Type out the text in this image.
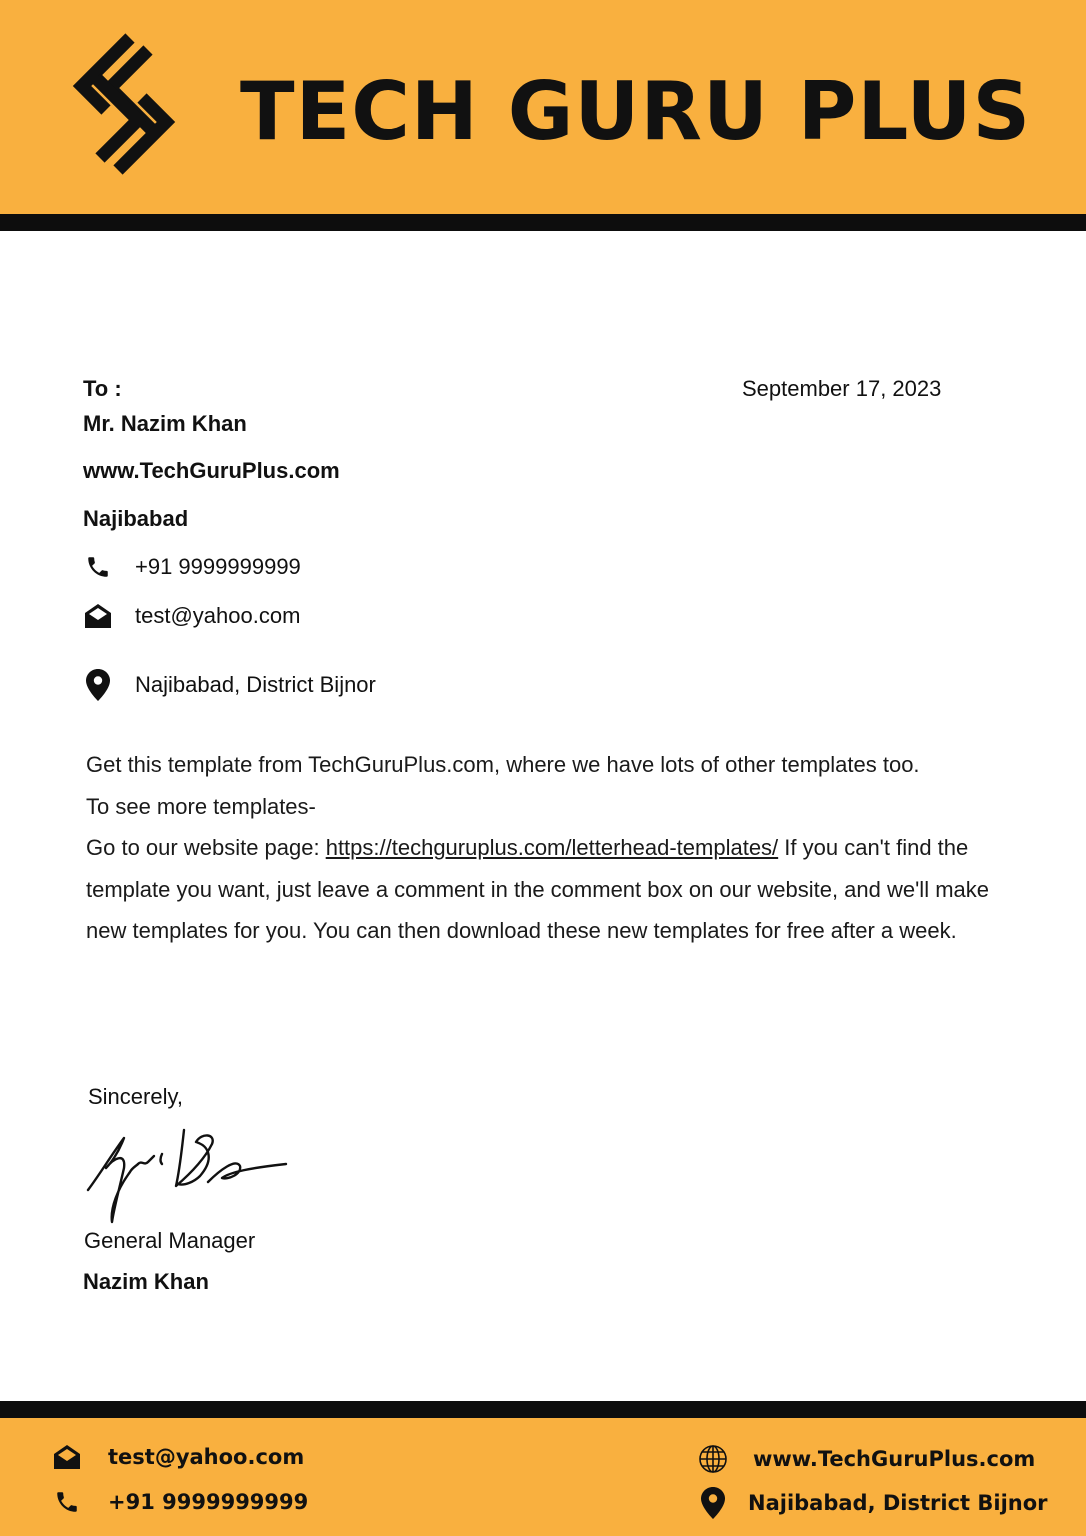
TECH GURU PLUS
To :	September 17, 2023
Mr. Nazim Khan
www.TechGuruPlus.com
Najibabad
+91 9999999999
test@yahoo.com
Najibabad, District Bijnor

Get this template from TechGuruPlus.com, where we have lots of other templates too.

To see more templates-

Go to our website page: https://techguruplus.com/letterhead-templates/ If you can't find the template you want, just leave a comment in the comment box on our website, and we'll make new templates for you. You can then download these new templates for free after a week.

Sincerely,
General Manager
Nazim Khan
test@yahoo.com
+91 9999999999
www.TechGuruPlus.com
Najibabad, District Bijnor
